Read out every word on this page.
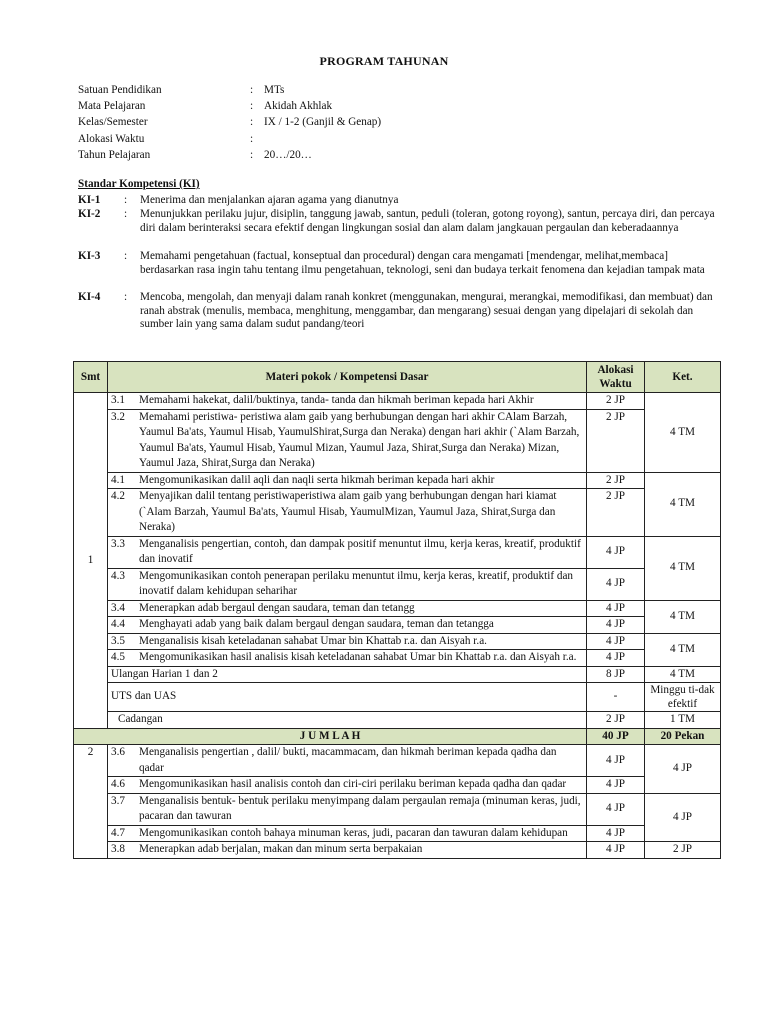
PROGRAM TAHUNAN
Satuan Pendidikan	: MTs
Mata Pelajaran	: Akidah Akhlak
Kelas/Semester	: IX / 1-2 (Ganjil & Genap)
Alokasi Waktu	:
Tahun Pelajaran	: 20…/20…
Standar Kompetensi (KI)
KI-1 : Menerima dan menjalankan ajaran agama yang dianutnya
KI-2 : Menunjukkan perilaku jujur, disiplin, tanggung jawab, santun, peduli (toleran, gotong royong), santun, percaya diri, dan percaya diri dalam berinteraksi secara efektif dengan lingkungan sosial dan alam dalam jangkauan pergaulan dan keberadaannya
KI-3 : Memahami pengetahuan (factual, konseptual dan procedural) dengan cara mengamati [mendengar, melihat,membaca] berdasarkan rasa ingin tahu tentang ilmu pengetahuan, teknologi, seni dan budaya terkait fenomena dan kejadian tampak mata
KI-4 : Mencoba, mengolah, dan menyaji dalam ranah konkret (menggunakan, mengurai, merangkai, memodifikasi, dan membuat) dan ranah abstrak (menulis, membaca, menghitung, menggambar, dan mengarang) sesuai dengan yang dipelajari di sekolah dan sumber lain yang sama dalam sudut pandang/teori
Smt	Materi pokok / Kompetensi Dasar	Alokasi Waktu	Ket.
1	3.1 Memahami hakekat, dalil/buktinya, tanda- tanda dan hikmah beriman kepada hari Akhir	2 JP	4 TM

	3.2 Memahami peristiwa- peristiwa alam gaib yang berhubungan dengan hari akhir CAlam Barzah, Yaumul Ba'ats, Yaumul Hisab, YaumulShirat,Surga dan Neraka) dengan hari akhir (`Alam Barzah, Yaumul Ba'ats, Yaumul Hisab, Yaumul Mizan, Yaumul Jaza, Shirat,Surga dan Neraka) Mizan, Yaumul Jaza, Shirat,Surga dan Neraka)	2 JP	

	4.1 Mengomunikasikan dalil aqli dan naqli serta hikmah beriman kepada hari akhir	2 JP	4 TM

	4.2 Menyajikan dalil tentang peristiwaperistiwa alam gaib yang berhubungan dengan hari kiamat (`Alam Barzah, Yaumul Ba'ats, Yaumul Hisab, YaumulMizan, Yaumul Jaza, Shirat,Surga dan Neraka)	2 JP	

	3.3 Menganalisis pengertian, contoh, dan dampak positif menuntut ilmu, kerja keras, kreatif, produktif dan inovatif	4 JP	4 TM

	4.3 Mengomunikasikan contoh penerapan perilaku menuntut ilmu, kerja keras, kreatif, produktif dan inovatif dalam kehidupan seharihar	4 JP	

	3.4 Menerapkan adab bergaul dengan saudara, teman dan tetangg	4 JP	4 TM

	4.4 Menghayati adab yang baik dalam bergaul dengan saudara, teman dan tetangga	4 JP	

	3.5 Menganalisis kisah keteladanan sahabat Umar bin Khattab r.a. dan Aisyah r.a.	4 JP	4 TM

	4.5 Mengomunikasikan hasil analisis kisah keteladanan sahabat Umar bin Khattab r.a. dan Aisyah r.a.	4 JP	
	Ulangan Harian 1 dan 2	8 JP	4 TM
	UTS dan UAS	-	Minggu ti-dak efektif
	Cadangan	2 JP	1 TM
J U M L A H		40 JP	20 Pekan
2	3.6 Menganalisis pengertian , dalil/ bukti, macammacam, dan hikmah beriman kepada qadha dan qadar	4 JP	4 JP

	4.6 Mengomunikasikan hasil analisis contoh dan ciri-ciri perilaku beriman kepada qadha dan qadar	4 JP	

	3.7 Menganalisis bentuk- bentuk perilaku menyimpang dalam pergaulan remaja (minuman keras, judi, pacaran dan tawuran	4 JP	4 JP

	4.7 Mengomunikasikan contoh bahaya minuman keras, judi, pacaran dan tawuran dalam kehidupan	4 JP	

	3.8 Menerapkan adab berjalan, makan dan minum serta berpakaian	4 JP	2 JP
